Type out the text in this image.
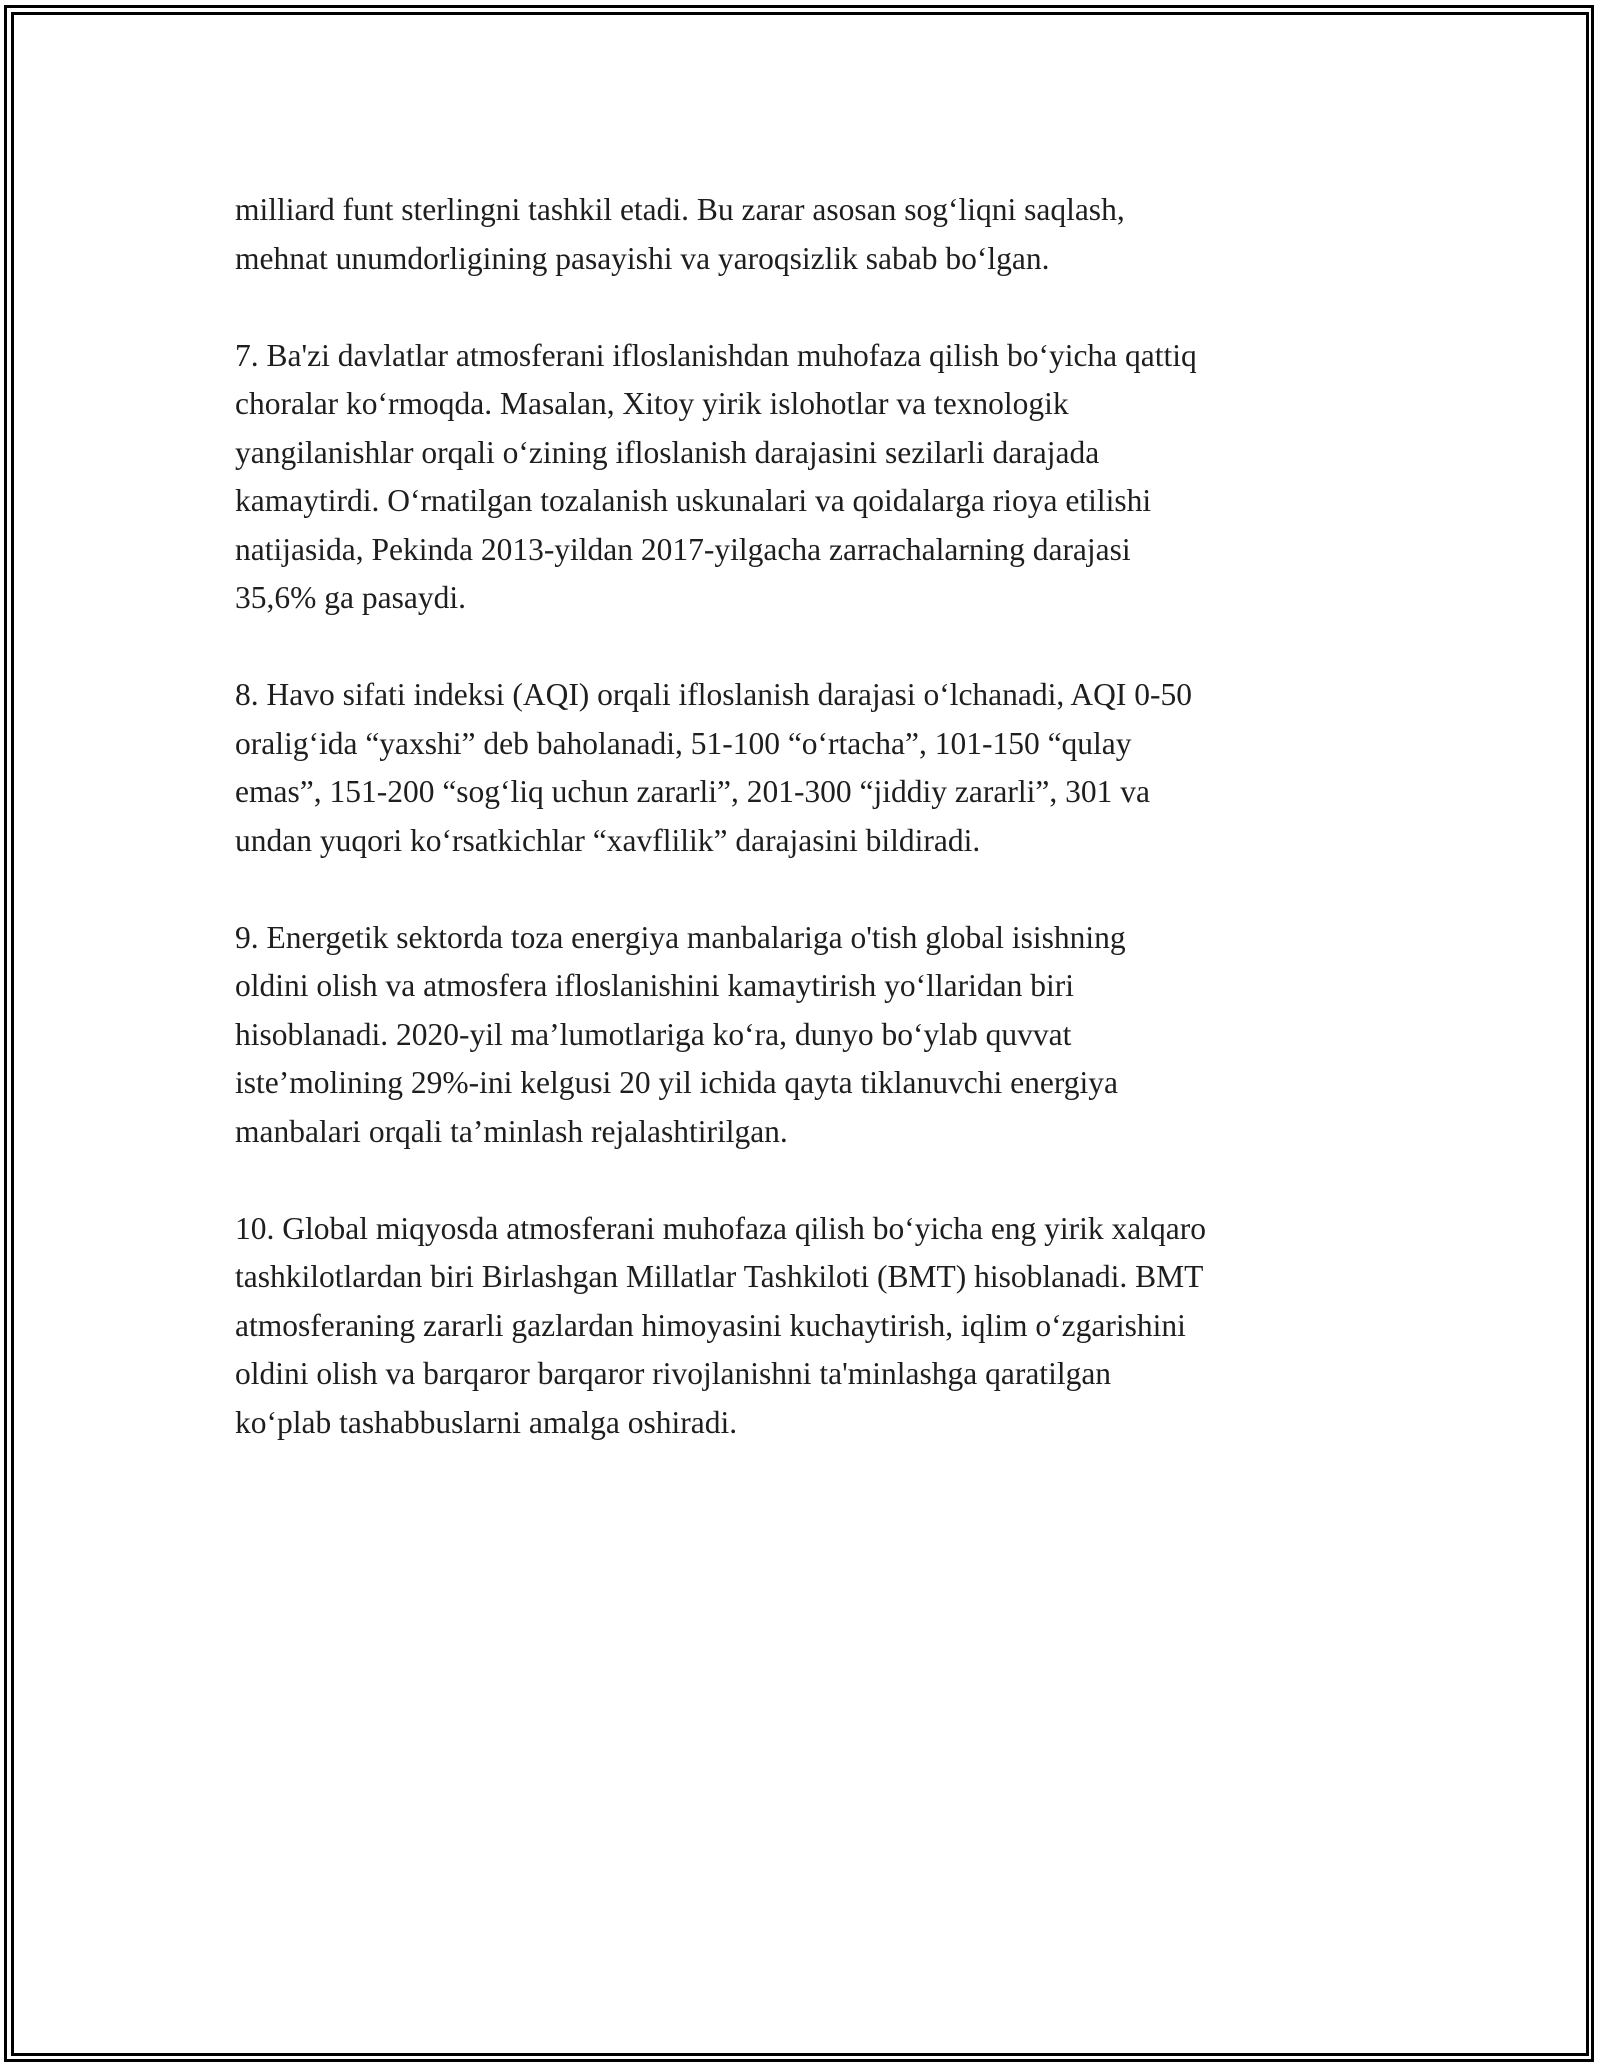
milliard funt sterlingni tashkil etadi. Bu zarar asosan sogʻliqni saqlash,
mehnat unumdorligining pasayishi va yaroqsizlik sabab boʻlgan.

7. Ba'zi davlatlar atmosferani ifloslanishdan muhofaza qilish boʻyicha qattiq
choralar koʻrmoqda. Masalan, Xitoy yirik islohotlar va texnologik
yangilanishlar orqali oʻzining ifloslanish darajasini sezilarli darajada
kamaytirdi. Oʻrnatilgan tozalanish uskunalari va qoidalarga rioya etilishi
natijasida, Pekinda 2013-yildan 2017-yilgacha zarrachalarning darajasi
35,6% ga pasaydi.

8. Havo sifati indeksi (AQI) orqali ifloslanish darajasi oʻlchanadi, AQI 0-50
oraligʻida “yaxshi” deb baholanadi, 51-100 “oʻrtacha”, 101-150 “qulay
emas”, 151-200 “sogʻliq uchun zararli”, 201-300 “jiddiy zararli”, 301 va
undan yuqori koʻrsatkichlar “xavflilik” darajasini bildiradi.

9. Energetik sektorda toza energiya manbalariga o'tish global isishning
oldini olish va atmosfera ifloslanishini kamaytirish yoʻllaridan biri
hisoblanadi. 2020-yil ma’lumotlariga koʻra, dunyo boʻylab quvvat
iste’molining 29%-ini kelgusi 20 yil ichida qayta tiklanuvchi energiya
manbalari orqali ta’minlash rejalashtirilgan.

10. Global miqyosda atmosferani muhofaza qilish boʻyicha eng yirik xalqaro
tashkilotlardan biri Birlashgan Millatlar Tashkiloti (BMT) hisoblanadi. BMT
atmosferaning zararli gazlardan himoyasini kuchaytirish, iqlim oʻzgarishini
oldini olish va barqaror barqaror rivojlanishni ta'minlashga qaratilgan
koʻplab tashabbuslarni amalga oshiradi.
